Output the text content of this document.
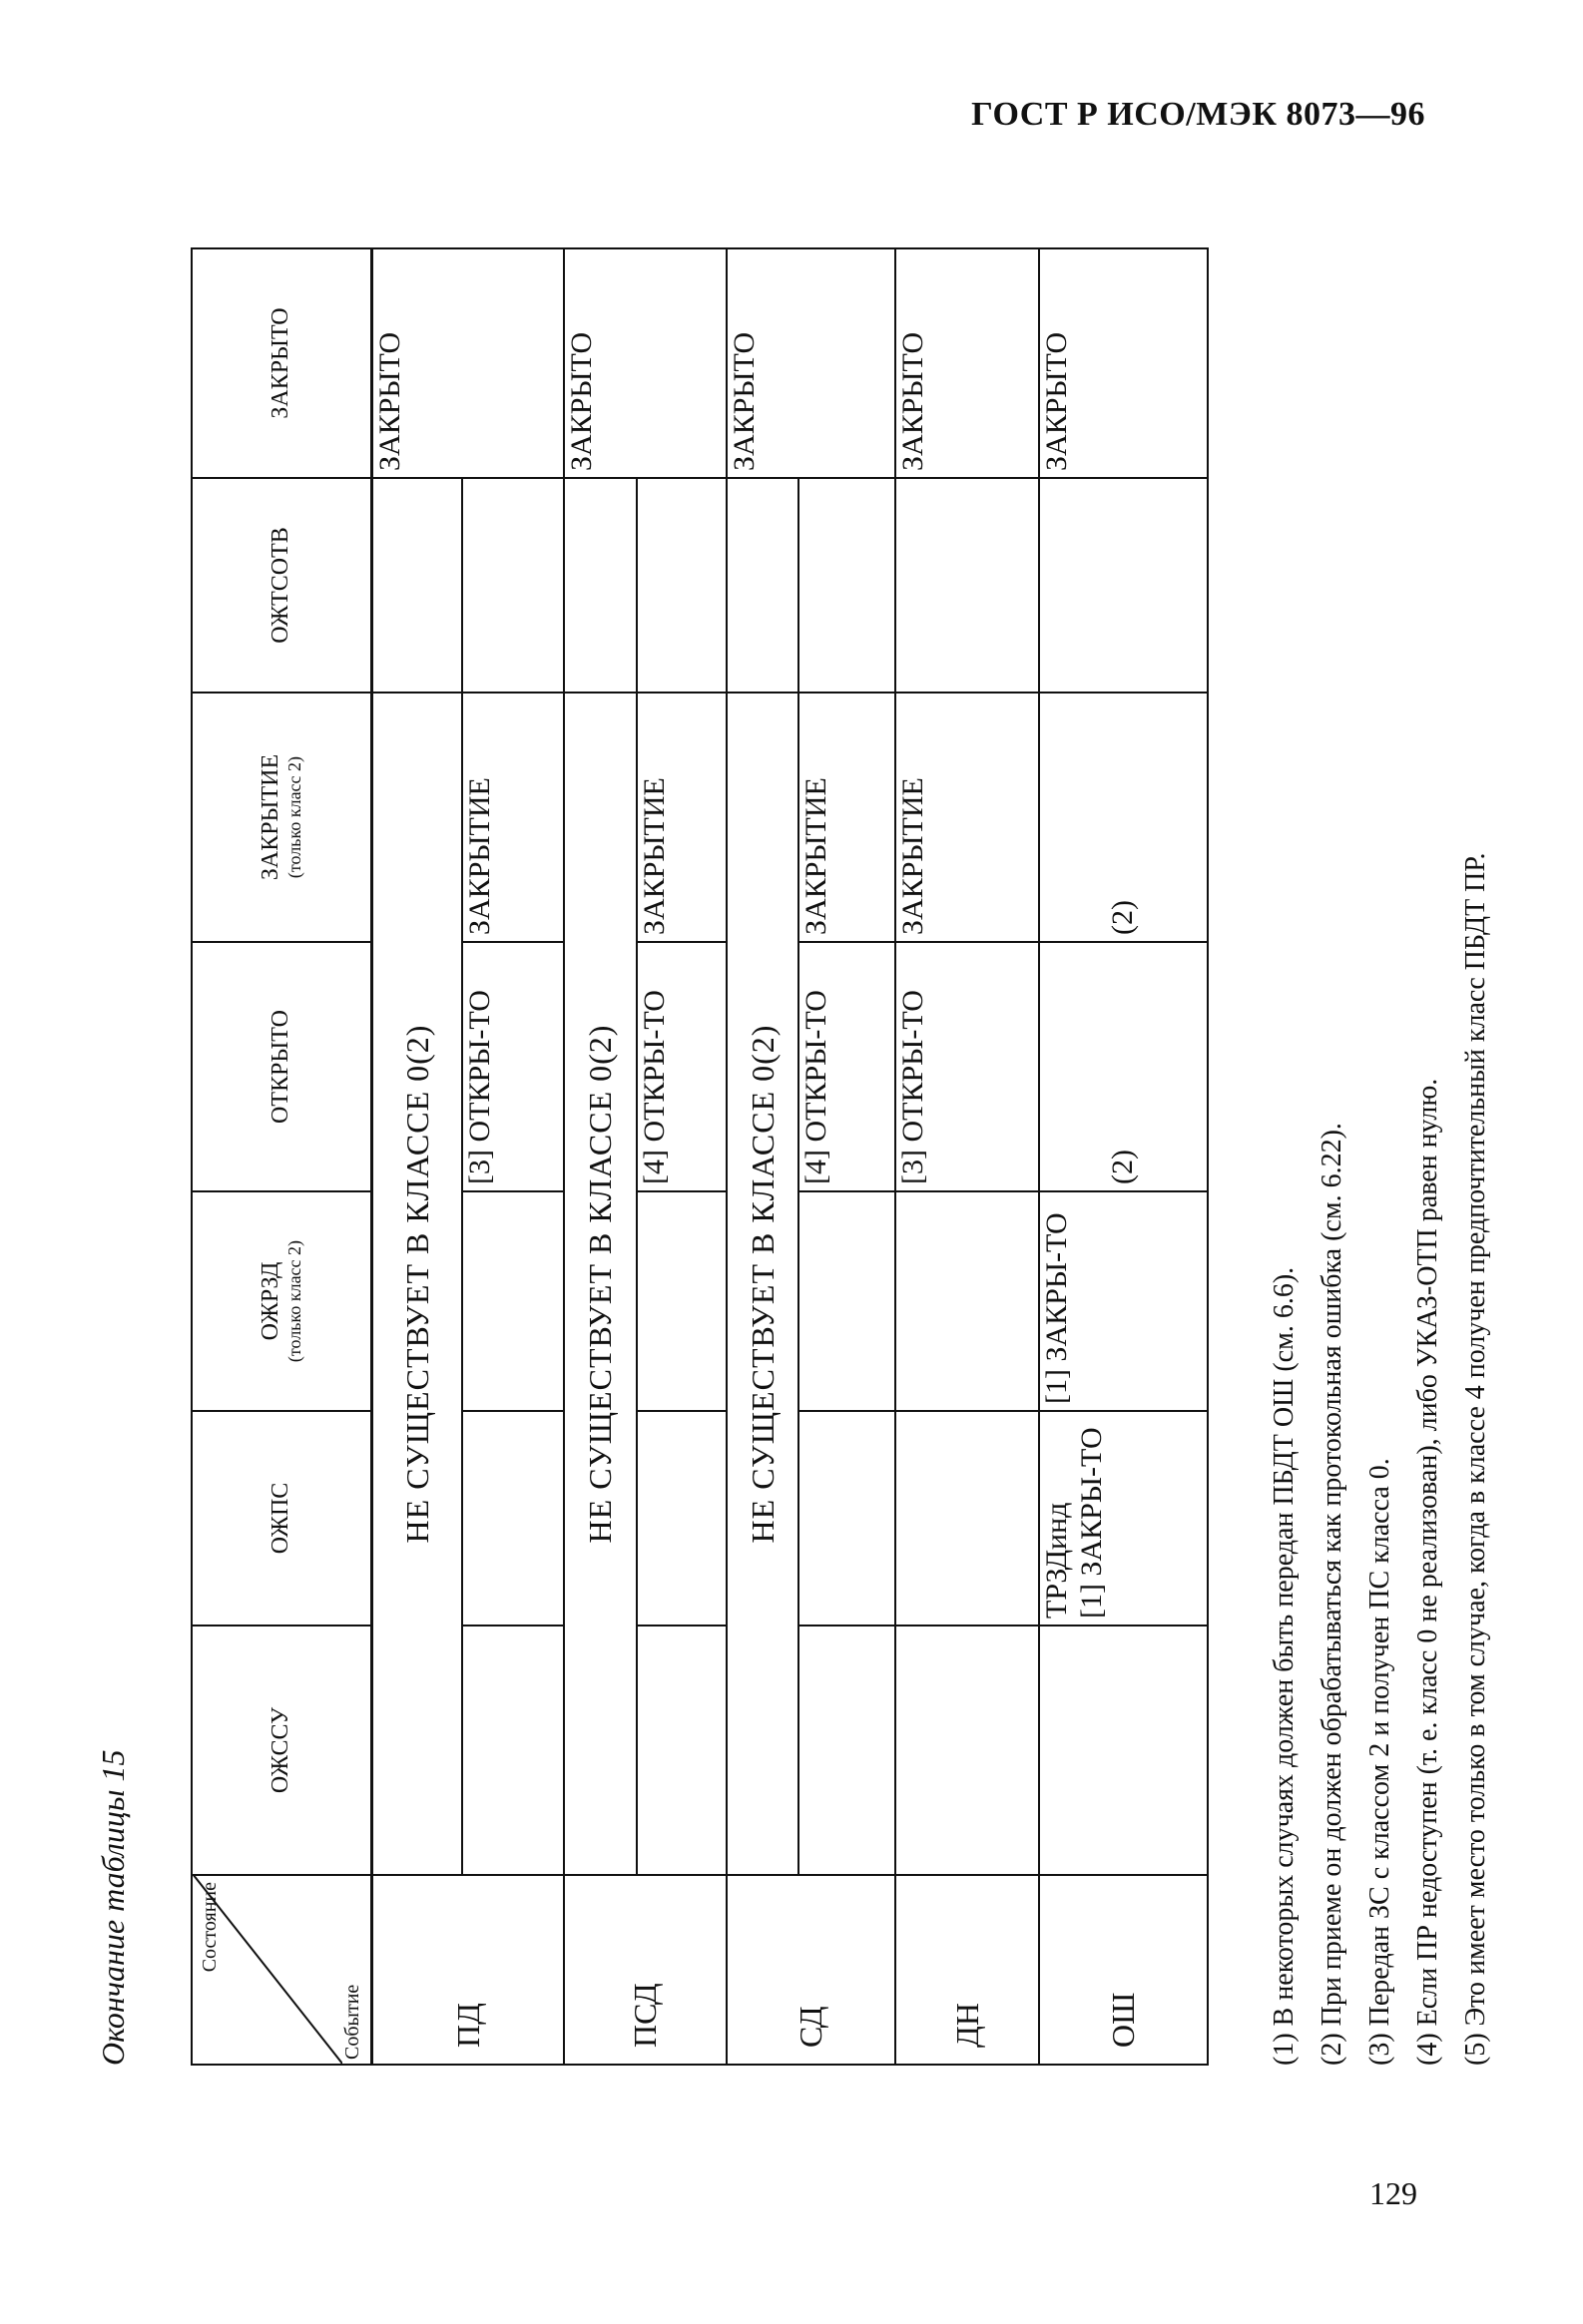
ГОСТ Р ИСО/МЭК 8073—96
Окончание таблицы 15	Состояние
Событие	ОЖССУ	ОЖПС	ОЖРЗД (только класс 2)	ОТКРЫТО	ЗАКРЫТИЕ (только класс 2)	ОЖТСОТВ	ЗАКРЫТО
ПД	НЕ СУЩЕСТВУЕТ В КЛАССЕ 0(2)						ЗАКРЫТО
				[3] ОТКРЫ-ТО	ЗАКРЫТИЕ		
ПСД	НЕ СУЩЕСТВУЕТ В КЛАССЕ 0(2)						ЗАКРЫТО
				[4] ОТКРЫ-ТО	ЗАКРЫТИЕ		
СД	НЕ СУЩЕСТВУЕТ В КЛАССЕ 0(2)						ЗАКРЫТО
				[4] ОТКРЫ-ТО	ЗАКРЫТИЕ		
ДН				[3] ОТКРЫ-ТО	ЗАКРЫТИЕ		ЗАКРЫТО
ОШ		ТРЗДинд [1] ЗАКРЫ-ТО	[1] ЗАКРЫ-ТО	(2)	(2)		ЗАКРЫТО
(1) В некоторых случаях должен быть передан ПБДТ ОШ (см. 6.6). (2) При приеме он должен обрабатываться как протокольная ошибка (см. 6.22). (3) Передан ЗС с классом 2 и получен ПС класса 0. (4) Если ПР недоступен (т. е. класс 0 не реализован), либо УКАЗ-ОТП равен нулю. (5) Это имеет место только в том случае, когда в классе 4 получен предпочтительный класс ПБДТ ПР.
129
